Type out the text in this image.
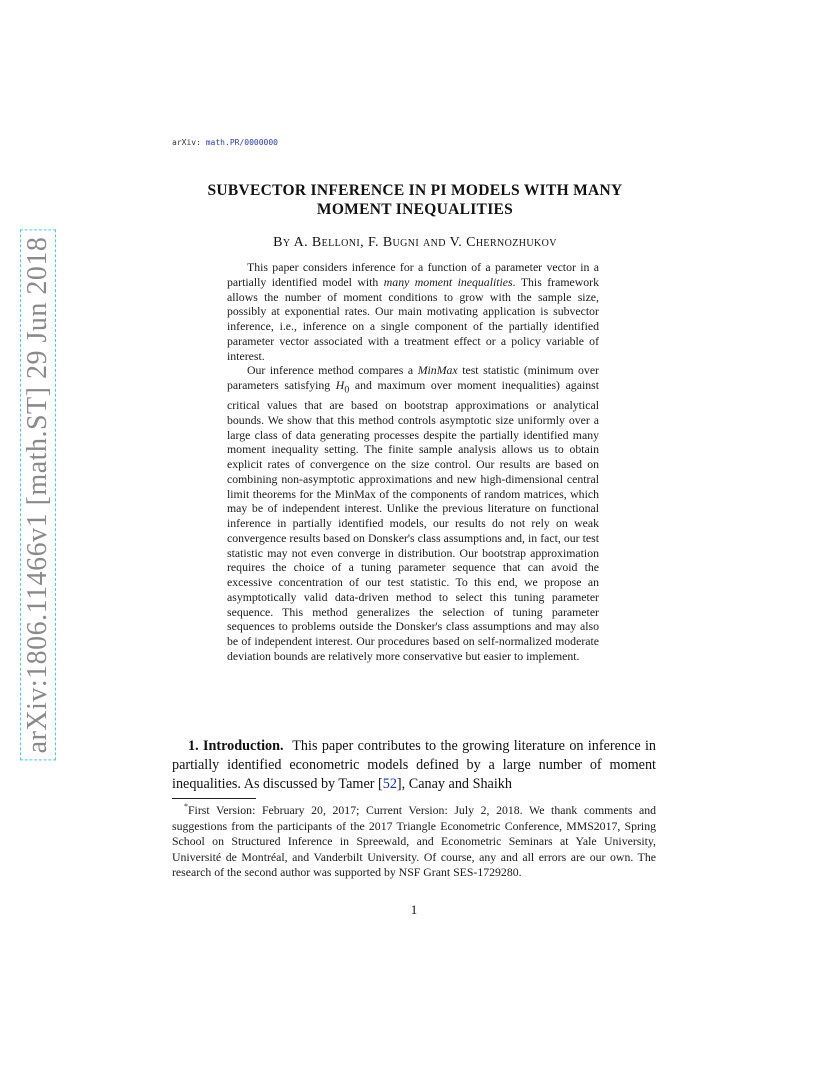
arXiv:1806.11466v1 [math.ST] 29 Jun 2018
arXiv: math.PR/0000000
SUBVECTOR INFERENCE IN PI MODELS WITH MANY
MOMENT INEQUALITIES
By A. Belloni, F. Bugni and V. Chernozhukov

This paper considers inference for a function of a parameter vector in a partially identified model with many moment inequalities. This framework allows the number of moment conditions to grow with the sample size, possibly at exponential rates. Our main motivating application is subvector inference, i.e., inference on a single component of the partially identified parameter vector associated with a treatment effect or a policy variable of interest.

Our inference method compares a MinMax test statistic (minimum over parameters satisfying $H_0$ and maximum over moment inequalities) against critical values that are based on bootstrap approximations or analytical bounds. We show that this method controls asymptotic size uniformly over a large class of data generating processes despite the partially identified many moment inequality setting. The finite sample analysis allows us to obtain explicit rates of convergence on the size control. Our results are based on combining non-asymptotic approximations and new high-dimensional central limit theorems for the MinMax of the components of random matrices, which may be of independent interest. Unlike the previous literature on functional inference in partially identified models, our results do not rely on weak convergence results based on Donsker's class assumptions and, in fact, our test statistic may not even converge in distribution. Our bootstrap approximation requires the choice of a tuning parameter sequence that can avoid the excessive concentration of our test statistic. To this end, we propose an asymptotically valid data-driven method to select this tuning parameter sequence. This method generalizes the selection of tuning parameter sequences to problems outside the Donsker's class assumptions and may also be of independent interest. Our procedures based on self-normalized moderate deviation bounds are relatively more conservative but easier to implement.

1. Introduction. This paper contributes to the growing literature on inference in partially identified econometric models defined by a large number of moment inequalities. As discussed by Tamer [52], Canay and Shaikh

*First Version: February 20, 2017; Current Version: July 2, 2018. We thank comments and suggestions from the participants of the 2017 Triangle Econometric Conference, MMS2017, Spring School on Structured Inference in Spreewald, and Econometric Seminars at Yale University, Université de Montréal, and Vanderbilt University. Of course, any and all errors are our own. The research of the second author was supported by NSF Grant SES-1729280.

1
